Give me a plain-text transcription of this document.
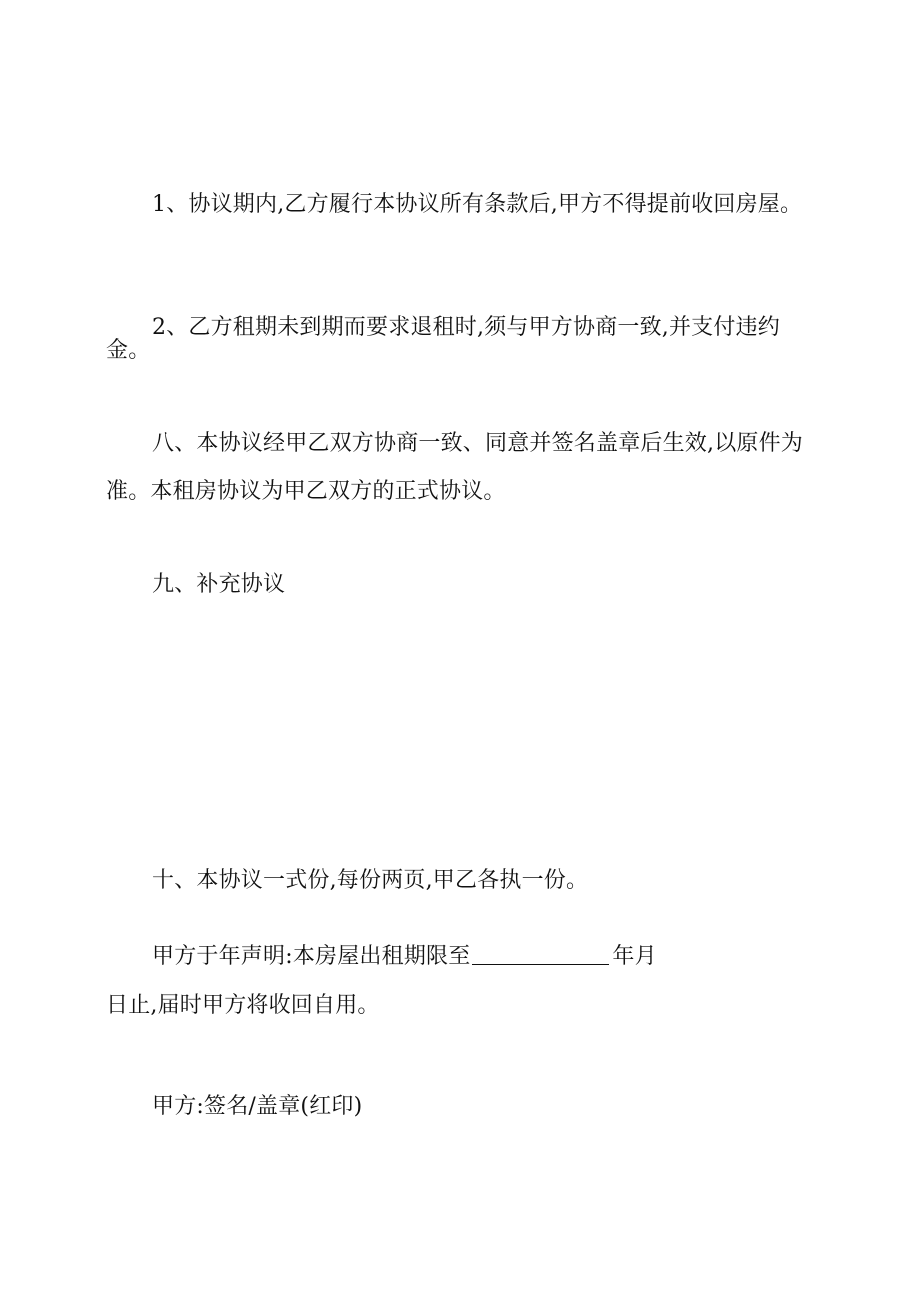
1、协议期内,乙方履行本协议所有条款后,甲方不得提前收回房屋。
2、乙方租期未到期而要求退租时,须与甲方协商一致,并支付违约
金。
八、本协议经甲乙双方协商一致、同意并签名盖章后生效,以原件为
准。本租房协议为甲乙双方的正式协议。
九、补充协议
十、本协议一式份,每份两页,甲乙各执一份。
甲方于年声明:本房屋出租期限至	年月
日止,届时甲方将收回自用。
甲方:签名/盖章(红印)
